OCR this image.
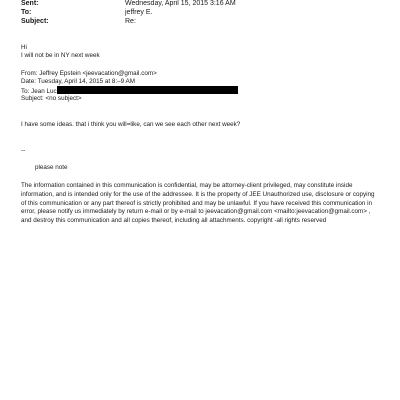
Sent:	Wednesday, April 15, 2015 3:16 AM
To:	jeffrey E.
Subject:	Re:
Hi
I will not be in NY next week
From: Jeffrey Epstein <jeevacation@gmail.com>
Date: Tuesday, April 14, 2015 at 8:–9 AM
To: Jean Luc
Subject: <no subject>
I have some ideas. that i think you will=like, can we see each other next week?
--
please note
The information contained in this communication is confidential, may be attorney-client privileged, may constitute inside information, and is intended only for the use of the addressee. It is the property of JEE Unauthorized use, disclosure or copying of this communication or any part thereof is strictly prohibited and may be unlawful. If you have received this communication in error, please notify us immediately by return e-mail or by e-mail to jeevacation@gmail.com <mailto:jeevacation@gmail.com> , and destroy this communication and all copies thereof, including all attachments. copyright -all rights reserved
